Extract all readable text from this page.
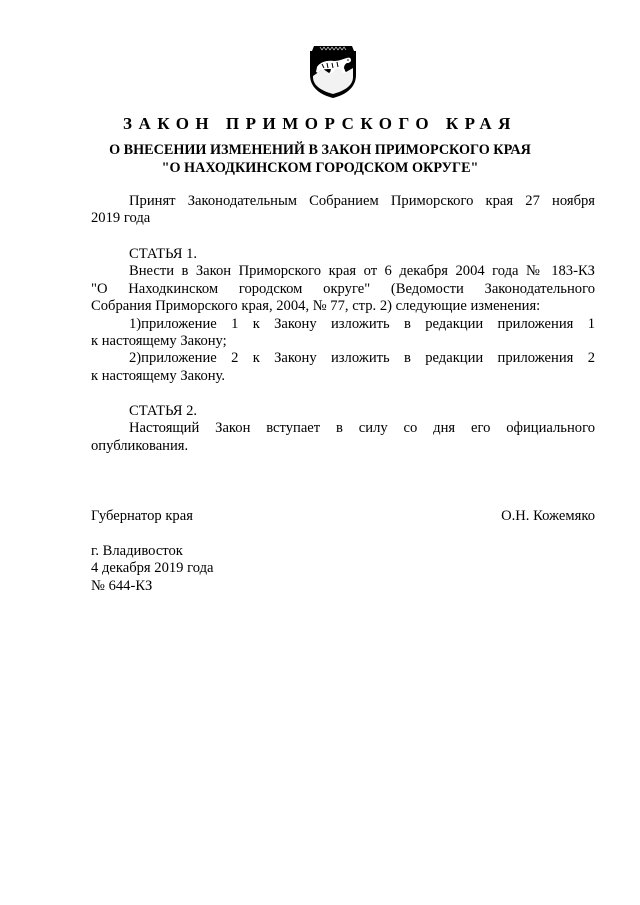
ЗАКОН ПРИМОРСКОГО КРАЯ
О ВНЕСЕНИИ ИЗМЕНЕНИЙ В ЗАКОН ПРИМОРСКОГО КРАЯ
"О НАХОДКИНСКОМ ГОРОДСКОМ ОКРУГЕ"
Принят Законодательным Собранием Приморского края 27 ноября
2019 года
СТАТЬЯ 1.
Внести в Закон Приморского края от 6 декабря 2004 года № 183-КЗ
"О Находкинском городском округе" (Ведомости Законодательного
Собрания Приморского края, 2004, № 77, стр. 2) следующие изменения:
1)приложение 1 к Закону изложить в редакции приложения 1
к настоящему Закону;
2)приложение 2 к Закону изложить в редакции приложения 2
к настоящему Закону.
СТАТЬЯ 2.
Настоящий Закон вступает в силу со дня его официального
опубликования.
Губернатор края	О.Н. Кожемяко
г. Владивосток
4 декабря 2019 года
№ 644-КЗ
